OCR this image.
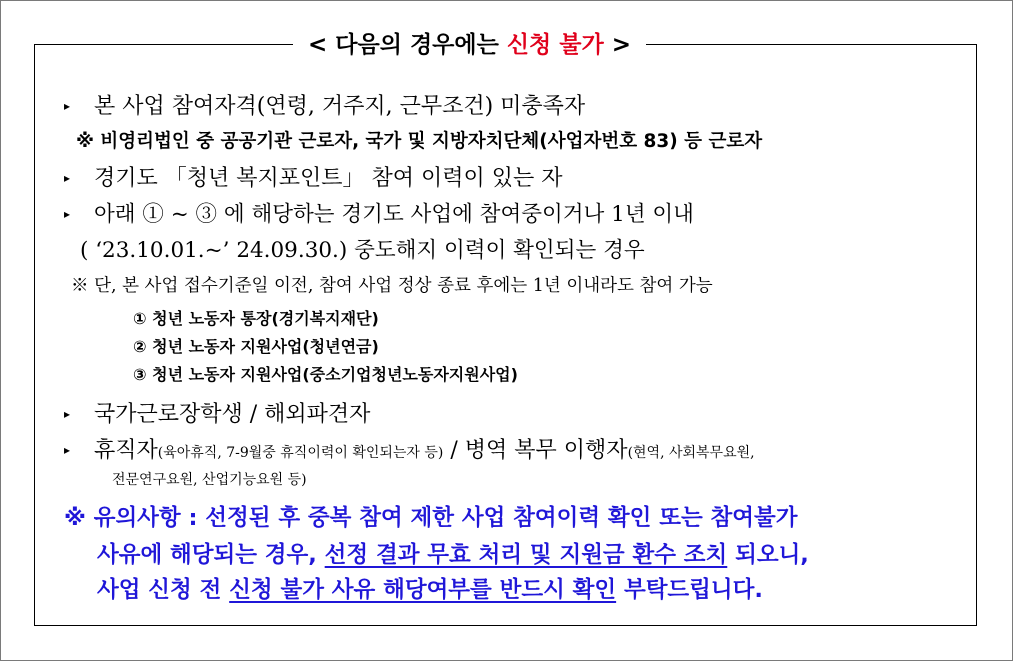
< 다음의 경우에는 신청 불가 >
▸ 본 사업 참여자격(연령, 거주지, 근무조건) 미충족자
※ 비영리법인 중 공공기관 근로자, 국가 및 지방자치단체(사업자번호 83) 등 근로자
▸ 경기도 「청년 복지포인트」 참여 이력이 있는 자
▸ 아래 ① ~ ③ 에 해당하는 경기도 사업에 참여중이거나 1년 이내
( ‘23.10.01.~’ 24.09.30.) 중도해지 이력이 확인되는 경우
※ 단, 본 사업 접수기준일 이전, 참여 사업 정상 종료 후에는 1년 이내라도 참여 가능
① 청년 노동자 통장(경기복지재단)
② 청년 노동자 지원사업(청년연금)
③ 청년 노동자 지원사업(중소기업청년노동자지원사업)
▸ 국가근로장학생 / 해외파견자
▸ 휴직자(육아휴직, 7-9월중 휴직이력이 확인되는자 등) / 병역 복무 이행자(현역, 사회복무요원,
전문연구요원, 산업기능요원 등)
※ 유의사항 : 선정된 후 중복 참여 제한 사업 참여이력 확인 또는 참여불가
사유에 해당되는 경우, 선정 결과 무효 처리 및 지원금 환수 조치 되오니,
사업 신청 전 신청 불가 사유 해당여부를 반드시 확인 부탁드립니다.
